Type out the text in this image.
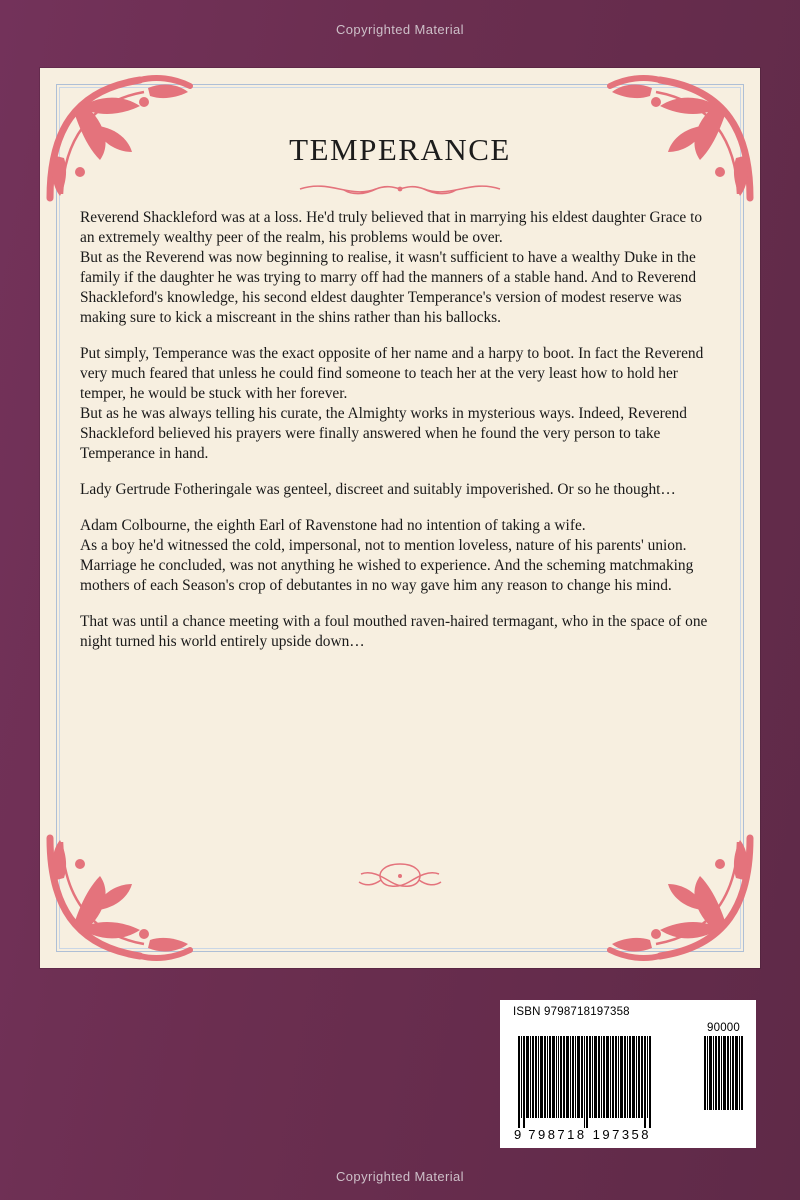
Copyrighted Material
temperance

Reverend Shackleford was at a loss. He'd truly believed that in marrying his eldest daughter Grace to an extremely wealthy peer of the realm, his problems would be over.

But as the Reverend was now beginning to realise, it wasn't sufficient to have a wealthy Duke in the family if the daughter he was trying to marry off had the manners of a stable hand. And to Reverend Shackleford's knowledge, his second eldest daughter Temperance's version of modest reserve was making sure to kick a miscreant in the shins rather than his ballocks.

Put simply, Temperance was the exact opposite of her name and a harpy to boot. In fact the Reverend very much feared that unless he could find someone to teach her at the very least how to hold her temper, he would be stuck with her forever.

But as he was always telling his curate, the Almighty works in mysterious ways. Indeed, Reverend Shackleford believed his prayers were finally answered when he found the very person to take Temperance in hand.

Lady Gertrude Fotheringale was genteel, discreet and suitably impoverished. Or so he thought…

Adam Colbourne, the eighth Earl of Ravenstone had no intention of taking a wife.

As a boy he'd witnessed the cold, impersonal, not to mention loveless, nature of his parents' union. Marriage he concluded, was not anything he wished to experience. And the scheming matchmaking mothers of each Season's crop of debutantes in no way gave him any reason to change his mind.

That was until a chance meeting with a foul mouthed raven-haired termagant, who in the space of one night turned his world entirely upside down…

ISBN 9798718197358
90000
9 798718 197358
Copyrighted Material
